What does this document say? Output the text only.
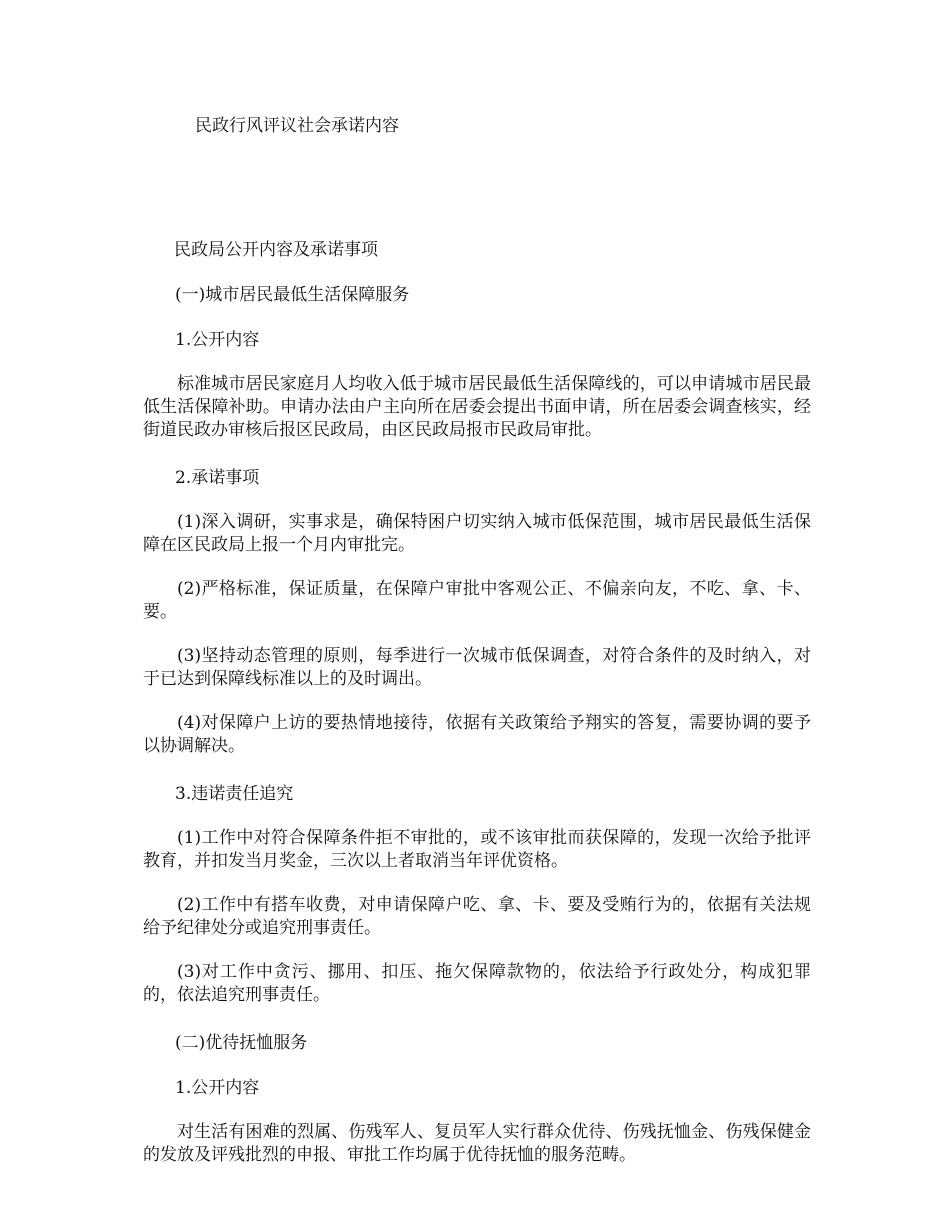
民政行风评议社会承诺内容

民政局公开内容及承诺事项

(一)城市居民最低生活保障服务

1.公开内容

标准城市居民家庭月人均收入低于城市居民最低生活保障线的，可以申请城市居民最低生活保障补助。申请办法由户主向所在居委会提出书面申请，所在居委会调查核实，经街道民政办审核后报区民政局，由区民政局报市民政局审批。

2.承诺事项

(1)深入调研，实事求是，确保特困户切实纳入城市低保范围，城市居民最低生活保障在区民政局上报一个月内审批完。

(2)严格标准，保证质量，在保障户审批中客观公正、不偏亲向友，不吃、拿、卡、要。

(3)坚持动态管理的原则，每季进行一次城市低保调查，对符合条件的及时纳入，对于已达到保障线标准以上的及时调出。

(4)对保障户上访的要热情地接待，依据有关政策给予翔实的答复，需要协调的要予以协调解决。

3.违诺责任追究

(1)工作中对符合保障条件拒不审批的，或不该审批而获保障的，发现一次给予批评教育，并扣发当月奖金，三次以上者取消当年评优资格。

(2)工作中有搭车收费，对申请保障户吃、拿、卡、要及受贿行为的，依据有关法规给予纪律处分或追究刑事责任。

(3)对工作中贪污、挪用、扣压、拖欠保障款物的，依法给予行政处分，构成犯罪的，依法追究刑事责任。

(二)优待抚恤服务

1.公开内容

对生活有困难的烈属、伤残军人、复员军人实行群众优待、伤残抚恤金、伤残保健金的发放及评残批烈的申报、审批工作均属于优待抚恤的服务范畴。
